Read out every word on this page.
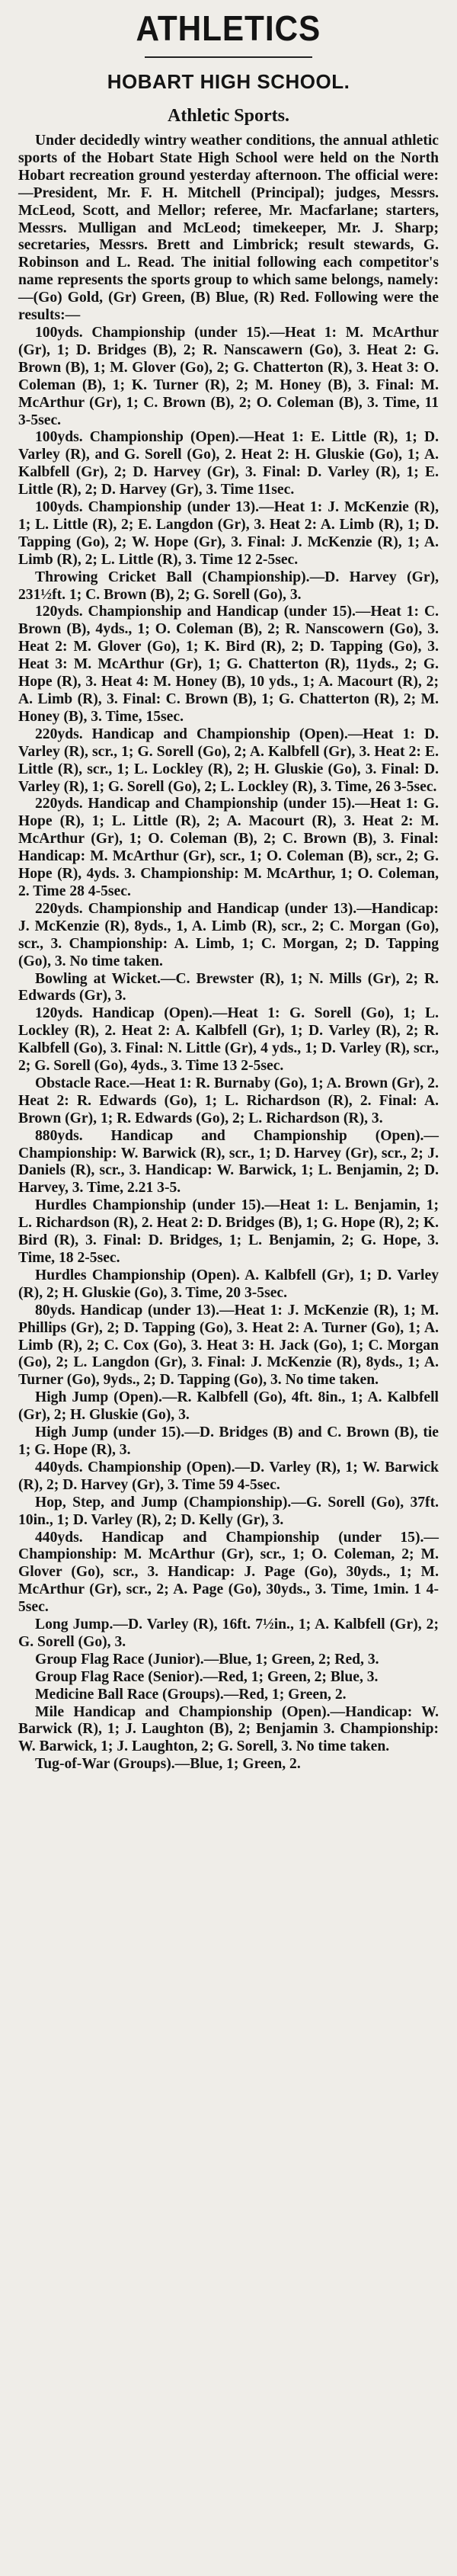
ATHLETICS
HOBART HIGH SCHOOL.
Athletic Sports.

Under decidedly wintry weather conditions, the annual athletic sports of the Hobart State High School were held on the North Hobart recreation ground yesterday afternoon. The official were:—President, Mr. F. H. Mitchell (Principal); judges, Messrs. McLeod, Scott, and Mellor; referee, Mr. Macfarlane; starters, Messrs. Mulligan and McLeod; timekeeper, Mr. J. Sharp; secretaries, Messrs. Brett and Limbrick; result stewards, G. Robinson and L. Read. The initial following each competitor's name represents the sports group to which same belongs, namely:—(Go) Gold, (Gr) Green, (B) Blue, (R) Red. Following were the results:—

100yds. Championship (under 15).—Heat 1: M. McArthur (Gr), 1; D. Bridges (B), 2; R. Nanscawern (Go), 3. Heat 2: G. Brown (B), 1; M. Glover (Go), 2; G. Chatterton (R), 3. Heat 3: O. Coleman (B), 1; K. Turner (R), 2; M. Honey (B), 3. Final: M. McArthur (Gr), 1; C. Brown (B), 2; O. Coleman (B), 3. Time, 11 3-5sec.

100yds. Championship (Open).—Heat 1: E. Little (R), 1; D. Varley (R), and G. Sorell (Go), 2. Heat 2: H. Gluskie (Go), 1; A. Kalbfell (Gr), 2; D. Harvey (Gr), 3. Final: D. Varley (R), 1; E. Little (R), 2; D. Harvey (Gr), 3. Time 11sec.

100yds. Championship (under 13).—Heat 1: J. McKenzie (R), 1; L. Little (R), 2; E. Langdon (Gr), 3. Heat 2: A. Limb (R), 1; D. Tapping (Go), 2; W. Hope (Gr), 3. Final: J. McKenzie (R), 1; A. Limb (R), 2; L. Little (R), 3. Time 12 2-5sec.

Throwing Cricket Ball (Championship).—D. Harvey (Gr), 231½ft. 1; C. Brown (B), 2; G. Sorell (Go), 3.

120yds. Championship and Handicap (under 15).—Heat 1: C. Brown (B), 4yds., 1; O. Coleman (B), 2; R. Nanscowern (Go), 3. Heat 2: M. Glover (Go), 1; K. Bird (R), 2; D. Tapping (Go), 3. Heat 3: M. McArthur (Gr), 1; G. Chatterton (R), 11yds., 2; G. Hope (R), 3. Heat 4: M. Honey (B), 10 yds., 1; A. Macourt (R), 2; A. Limb (R), 3. Final: C. Brown (B), 1; G. Chatterton (R), 2; M. Honey (B), 3. Time, 15sec.

220yds. Handicap and Championship (Open).—Heat 1: D. Varley (R), scr., 1; G. Sorell (Go), 2; A. Kalbfell (Gr), 3. Heat 2: E. Little (R), scr., 1; L. Lockley (R), 2; H. Gluskie (Go), 3. Final: D. Varley (R), 1; G. Sorell (Go), 2; L. Lockley (R), 3. Time, 26 3-5sec.

220yds. Handicap and Championship (under 15).—Heat 1: G. Hope (R), 1; L. Little (R), 2; A. Macourt (R), 3. Heat 2: M. McArthur (Gr), 1; O. Coleman (B), 2; C. Brown (B), 3. Final: Handicap: M. McArthur (Gr), scr., 1; O. Coleman (B), scr., 2; G. Hope (R), 4yds. 3. Championship: M. McArthur, 1; O. Coleman, 2. Time 28 4-5sec.

220yds. Championship and Handicap (under 13).—Handicap: J. McKenzie (R), 8yds., 1, A. Limb (R), scr., 2; C. Morgan (Go), scr., 3. Championship: A. Limb, 1; C. Morgan, 2; D. Tapping (Go), 3. No time taken.

Bowling at Wicket.—C. Brewster (R), 1; N. Mills (Gr), 2; R. Edwards (Gr), 3.

120yds. Handicap (Open).—Heat 1: G. Sorell (Go), 1; L. Lockley (R), 2. Heat 2: A. Kalbfell (Gr), 1; D. Varley (R), 2; R. Kalbfell (Go), 3. Final: N. Little (Gr), 4 yds., 1; D. Varley (R), scr., 2; G. Sorell (Go), 4yds., 3. Time 13 2-5sec.

Obstacle Race.—Heat 1: R. Burnaby (Go), 1; A. Brown (Gr), 2. Heat 2: R. Edwards (Go), 1; L. Richardson (R), 2. Final: A. Brown (Gr), 1; R. Edwards (Go), 2; L. Richardson (R), 3.

880yds. Handicap and Championship (Open).—Championship: W. Barwick (R), scr., 1; D. Harvey (Gr), scr., 2; J. Daniels (R), scr., 3. Handicap: W. Barwick, 1; L. Benjamin, 2; D. Harvey, 3. Time, 2.21 3-5.

Hurdles Championship (under 15).—Heat 1: L. Benjamin, 1; L. Richardson (R), 2. Heat 2: D. Bridges (B), 1; G. Hope (R), 2; K. Bird (R), 3. Final: D. Bridges, 1; L. Benjamin, 2; G. Hope, 3. Time, 18 2-5sec.

Hurdles Championship (Open). A. Kalbfell (Gr), 1; D. Varley (R), 2; H. Gluskie (Go), 3. Time, 20 3-5sec.

80yds. Handicap (under 13).—Heat 1: J. McKenzie (R), 1; M. Phillips (Gr), 2; D. Tapping (Go), 3. Heat 2: A. Turner (Go), 1; A. Limb (R), 2; C. Cox (Go), 3. Heat 3: H. Jack (Go), 1; C. Morgan (Go), 2; L. Langdon (Gr), 3. Final: J. McKenzie (R), 8yds., 1; A. Turner (Go), 9yds., 2; D. Tapping (Go), 3. No time taken.

High Jump (Open).—R. Kalbfell (Go), 4ft. 8in., 1; A. Kalbfell (Gr), 2; H. Gluskie (Go), 3.

High Jump (under 15).—D. Bridges (B) and C. Brown (B), tie 1; G. Hope (R), 3.

440yds. Championship (Open).—D. Varley (R), 1; W. Barwick (R), 2; D. Harvey (Gr), 3. Time 59 4-5sec.

Hop, Step, and Jump (Championship).—G. Sorell (Go), 37ft. 10in., 1; D. Varley (R), 2; D. Kelly (Gr), 3.

440yds. Handicap and Championship (under 15).—Championship: M. McArthur (Gr), scr., 1; O. Coleman, 2; M. Glover (Go), scr., 3. Handicap: J. Page (Go), 30yds., 1; M. McArthur (Gr), scr., 2; A. Page (Go), 30yds., 3. Time, 1min. 1 4-5sec.

Long Jump.—D. Varley (R), 16ft. 7½in., 1; A. Kalbfell (Gr), 2; G. Sorell (Go), 3.

Group Flag Race (Junior).—Blue, 1; Green, 2; Red, 3.

Group Flag Race (Senior).—Red, 1; Green, 2; Blue, 3.

Medicine Ball Race (Groups).—Red, 1; Green, 2.

Mile Handicap and Championship (Open).—Handicap: W. Barwick (R), 1; J. Laughton (B), 2; Benjamin 3. Championship: W. Barwick, 1; J. Laughton, 2; G. Sorell, 3. No time taken.

Tug-of-War (Groups).—Blue, 1; Green, 2.
